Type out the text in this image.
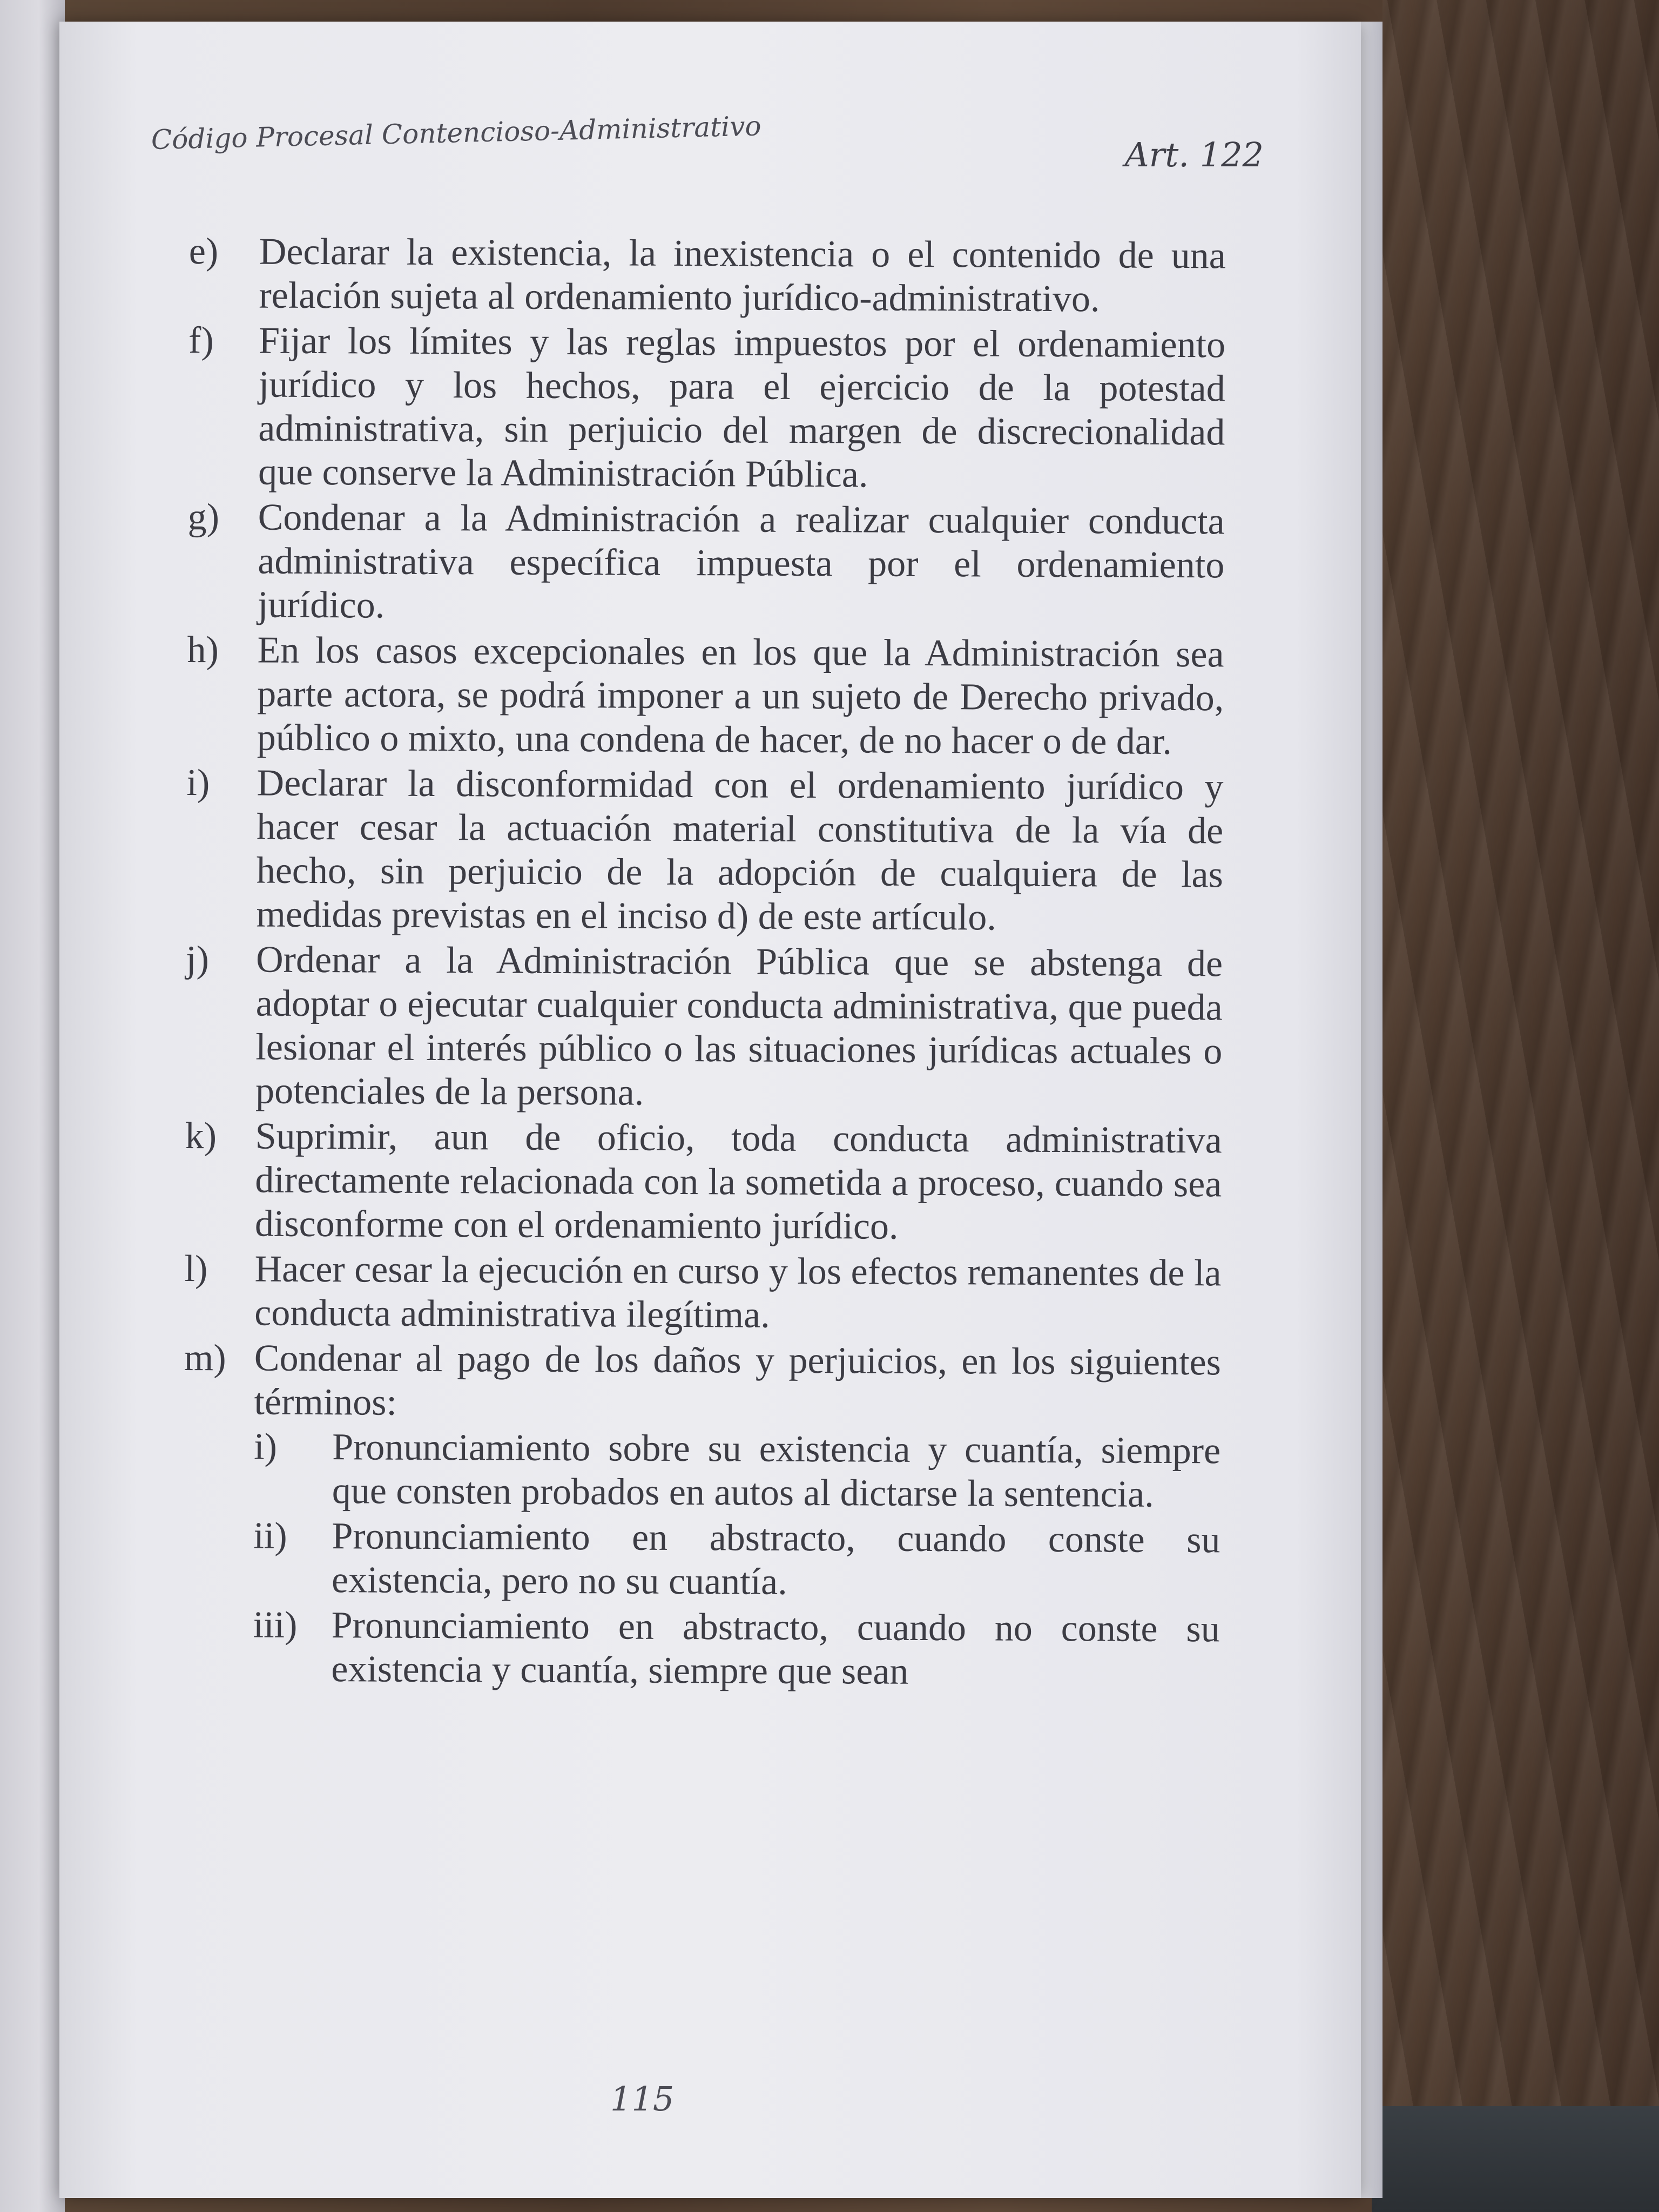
Código Procesal Contencioso-Administrativo	Art. 122
e)	Declarar la existencia, la inexistencia o el contenido de una relación sujeta al ordenamiento jurídico-administrativo.
f)	Fijar los límites y las reglas impuestos por el ordenamiento jurídico y los hechos, para el ejercicio de la potestad administrativa, sin perjuicio del margen de discrecionalidad que conserve la Administración Pública.
g)	Condenar a la Administración a realizar cualquier conducta administrativa específica impuesta por el ordenamiento jurídico.
h)	En los casos excepcionales en los que la Administración sea parte actora, se podrá imponer a un sujeto de Derecho privado, público o mixto, una condena de hacer, de no hacer o de dar.
i)	Declarar la disconformidad con el ordenamiento jurídico y hacer cesar la actuación material constitutiva de la vía de hecho, sin perjuicio de la adopción de cualquiera de las medidas previstas en el inciso d) de este artículo.
j)	Ordenar a la Administración Pública que se abstenga de adoptar o ejecutar cualquier conducta administrativa, que pueda lesionar el interés público o las situaciones jurídicas actuales o potenciales de la persona.
k)	Suprimir, aun de oficio, toda conducta administrativa directamente relacionada con la sometida a proceso, cuando sea disconforme con el ordenamiento jurídico.
l)	Hacer cesar la ejecución en curso y los efectos remanentes de la conducta administrativa ilegítima.
m) Condenar al pago de los daños y perjuicios, en los siguientes términos:
i)	Pronunciamiento sobre su existencia y cuantía, siempre que consten probados en autos al dictarse la sentencia.
ii)	Pronunciamiento en abstracto, cuando conste su existencia, pero no su cuantía.
iii) Pronunciamiento en abstracto, cuando no conste su existencia y cuantía, siempre que sean
115
